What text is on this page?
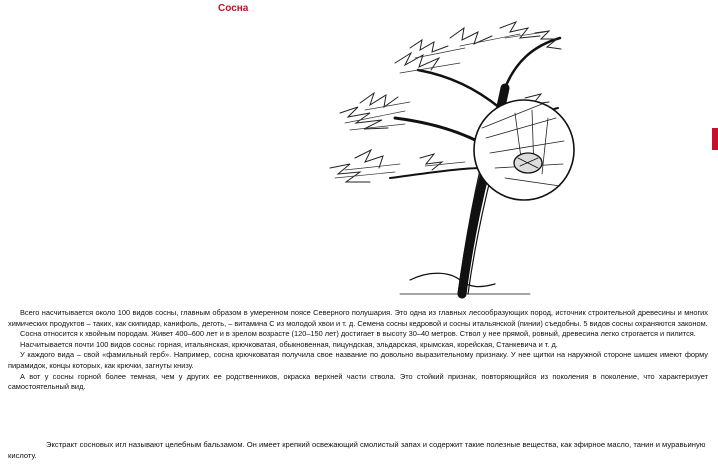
Сосна

Всего насчитывается около 100 видов сосны, главным образом в умеренном поясе Северного полушария. Это одна из главных лесообразующих пород, источник строительной древесины и многих химических продуктов – таких, как скипидар, канифоль, деготь, – витамина С из молодой хвои и т. д. Семена сосны кедровой и сосны итальянской (пинии) съедобны. 5 видов сосны охраняются законом.

Сосна относится к хвойным породам. Живет 400–600 лет и в зрелом возрасте (120–150 лет) достигает в высоту 30–40 метров. Ствол у нее прямой, ровный, древесина легко строгается и пилится.

Насчитывается почти 100 видов сосны: горная, итальянская, крючковатая, обыкновенная, пицундская, эльдарская, крымская, корейская, Станкевича и т. д.

У каждого вида – свой «фамильный герб». Например, сосна крючковатая получила свое название по довольно выразительному признаку. У нее щитки на наружной стороне шишек имеют форму пирамидок, концы которых, как крючки, загнуты книзу.

А вот у сосны горной более темная, чем у других ее родственников, окраска верхней части ствола. Это стойкий признак, повторяющийся из поколения в поколение, что характеризует самостоятельный вид.

Экстракт сосновых игл называют целебным бальзамом. Он имеет крепкий освежающий смолистый запах и содержит такие полезные вещества, как эфирное масло, танин и муравьиную кислоту.
